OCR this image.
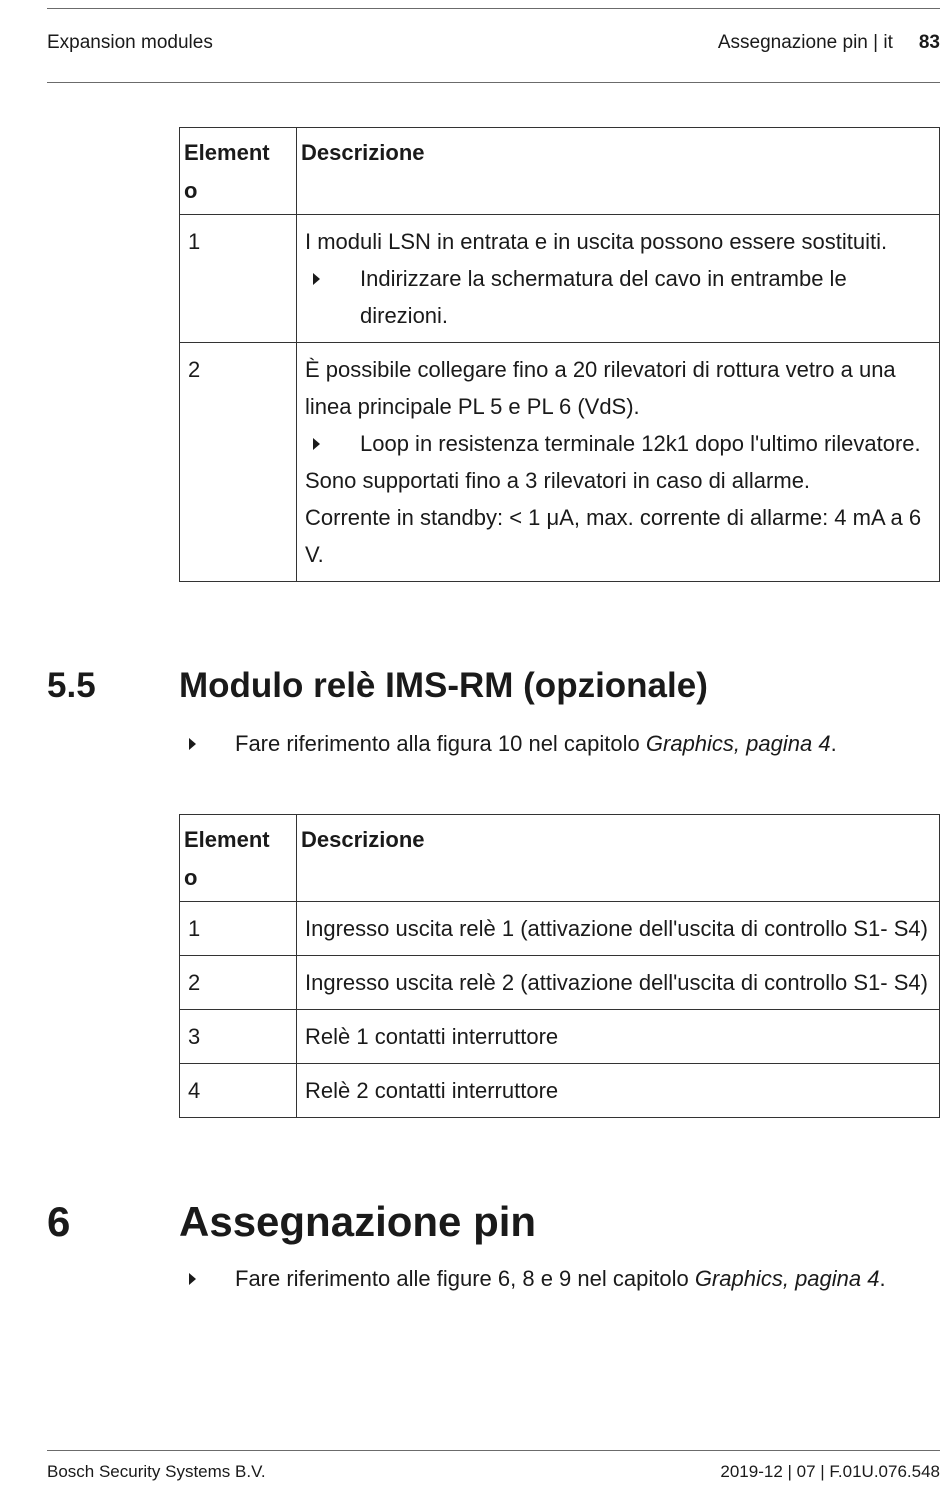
Expansion modules	Assegnazione pin | it 83
Element
o	Descrizione
1	I moduli LSN in entrata e in uscita possono essere sostituiti.
Indirizzare la schermatura del cavo in entrambe le direzioni.

2	È possibile collegare fino a 20 rilevatori di rottura vetro a una linea principale PL 5 e PL 6 (VdS).
Loop in resistenza terminale 12k1 dopo l'ultimo rilevatore.
Sono supportati fino a 3 rilevatori in caso di allarme.
Corrente in standby: < 1 μA, max. corrente di allarme: 4 mA a 6 V.
5.5 Modulo relè IMS-RM (opzionale)
Fare riferimento alla figura 10 nel capitolo Graphics, pagina 4.
Element
o	Descrizione
1	Ingresso uscita relè 1 (attivazione dell'uscita di controllo S1- S4)
2	Ingresso uscita relè 2 (attivazione dell'uscita di controllo S1- S4)
3	Relè 1 contatti interruttore
4	Relè 2 contatti interruttore
6	Assegnazione pin
Fare riferimento alle figure 6, 8 e 9 nel capitolo Graphics, pagina 4.
Bosch Security Systems B.V.	2019-12 | 07 | F.01U.076.548
